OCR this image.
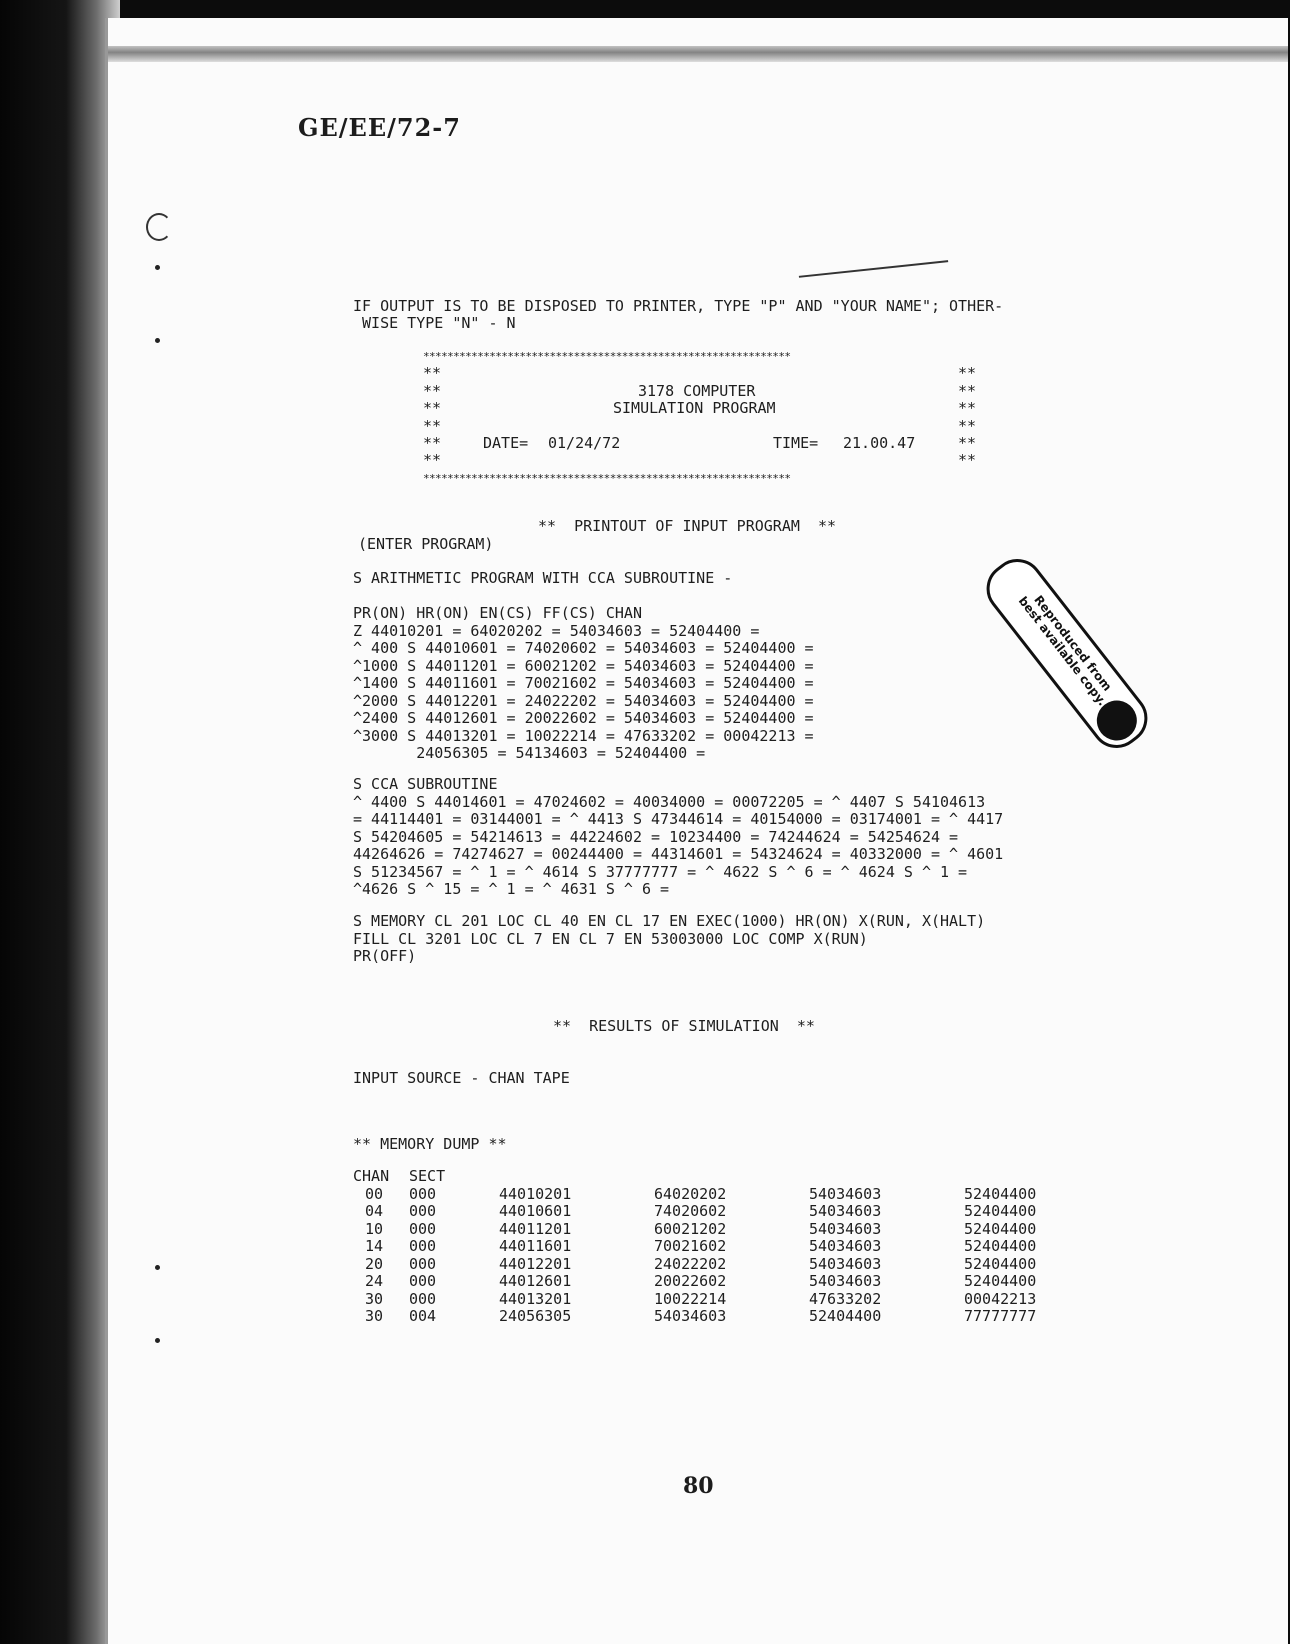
GE/EE/72-7
IF OUTPUT IS TO BE DISPOSED TO PRINTER, TYPE "P" AND "YOUR NAME"; OTHER-
WISE TYPE "N" - N
*************************************************************
**
**
**
**
**
**
**
**
**
**
**
**
3178 COMPUTER
SIMULATION PROGRAM
DATE= 01/24/72	TIME= 21.00.47
*************************************************************
**  PRINTOUT OF INPUT PROGRAM  **
(ENTER PROGRAM)
S ARITHMETIC PROGRAM WITH CCA SUBROUTINE -
PR(ON) HR(ON) EN(CS) FF(CS) CHAN
Z 44010201 = 64020202 = 54034603 = 52404400 =
^ 400 S 44010601 = 74020602 = 54034603 = 52404400 =
^1000 S 44011201 = 60021202 = 54034603 = 52404400 =
^1400 S 44011601 = 70021602 = 54034603 = 52404400 =
^2000 S 44012201 = 24022202 = 54034603 = 52404400 =
^2400 S 44012601 = 20022602 = 54034603 = 52404400 =
^3000 S 44013201 = 10022214 = 47633202 = 00042213 =
24056305 = 54134603 = 52404400 =
S CCA SUBROUTINE
^ 4400 S 44014601 = 47024602 = 40034000 = 00072205 = ^ 4407 S 54104613
= 44114401 = 03144001 = ^ 4413 S 47344614 = 40154000 = 03174001 = ^ 4417
S 54204605 = 54214613 = 44224602 = 10234400 = 74244624 = 54254624 =
44264626 = 74274627 = 00244400 = 44314601 = 54324624 = 40332000 = ^ 4601
S 51234567 = ^ 1 = ^ 4614 S 37777777 = ^ 4622 S ^ 6 = ^ 4624 S ^ 1 =
^4626 S ^ 15 = ^ 1 = ^ 4631 S ^ 6 =
S MEMORY CL 201 LOC CL 40 EN CL 17 EN EXEC(1000) HR(ON) X(RUN, X(HALT)
FILL CL 3201 LOC CL 7 EN CL 7 EN 53003000 LOC COMP X(RUN)
PR(OFF)
**  RESULTS OF SIMULATION  **
INPUT SOURCE - CHAN TAPE
** MEMORY DUMP **
CHAN	SECT				
00	000	44010201	64020202	54034603	52404400
04	000	44010601	74020602	54034603	52404400
10	000	44011201	60021202	54034603	52404400
14	000	44011601	70021602	54034603	52404400
20	000	44012201	24022202	54034603	52404400
24	000	44012601	20022602	54034603	52404400
30	000	44013201	10022214	47633202	00042213
30	004	24056305	54034603	52404400	77777777
Reproduced from
best available copy.
80
